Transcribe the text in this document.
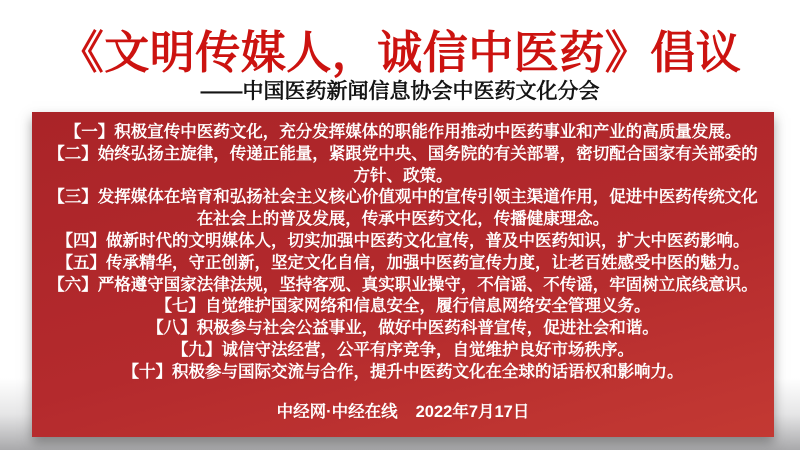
《文明传媒人，诚信中医药》倡议
——中国医药新闻信息协会中医药文化分会

【一】积极宣传中医药文化，充分发挥媒体的职能作用推动中医药事业和产业的高质量发展。

【二】始终弘扬主旋律，传递正能量，紧跟党中央、国务院的有关部署，密切配合国家有关部委的方针、政策。

【三】发挥媒体在培育和弘扬社会主义核心价值观中的宣传引领主渠道作用，促进中医药传统文化在社会上的普及发展，传承中医药文化，传播健康理念。

【四】做新时代的文明媒体人，切实加强中医药文化宣传，普及中医药知识，扩大中医药影响。

【五】传承精华，守正创新，坚定文化自信，加强中医药宣传力度，让老百姓感受中医的魅力。

【六】严格遵守国家法律法规，坚持客观、真实职业操守，不信谣、不传谣，牢固树立底线意识。

【七】自觉维护国家网络和信息安全，履行信息网络安全管理义务。

【八】积极参与社会公益事业，做好中医药科普宣传，促进社会和谐。

【九】诚信守法经营，公平有序竞争，自觉维护良好市场秩序。

【十】积极参与国际交流与合作，提升中医药文化在全球的话语权和影响力。

中经网·中经在线 2022年7月17日
